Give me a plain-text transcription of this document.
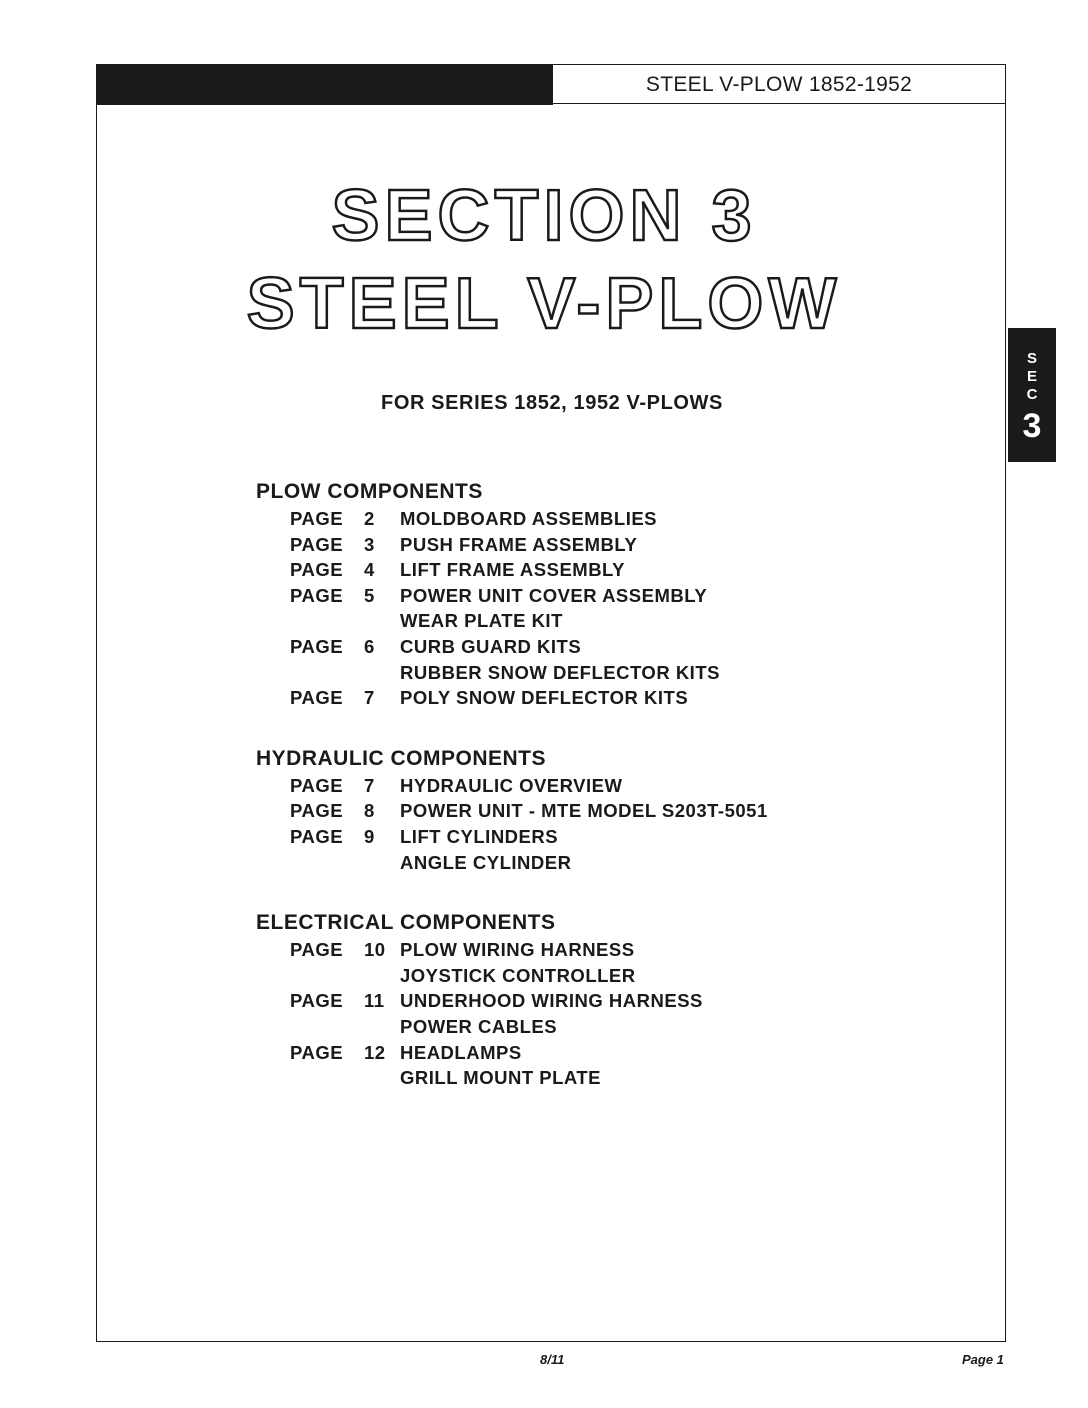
STEEL V-PLOW 1852-1952
SECTION 3
STEEL V-PLOW
FOR SERIES 1852, 1952 V-PLOWS
S
E
C
3
PLOW COMPONENTS
PAGE 2 MOLDBOARD ASSEMBLIES
PAGE 3 PUSH FRAME ASSEMBLY
PAGE 4 LIFT FRAME ASSEMBLY
PAGE 5 POWER UNIT COVER ASSEMBLY
WEAR PLATE KIT
PAGE 6 CURB GUARD KITS
RUBBER SNOW DEFLECTOR KITS
PAGE 7 POLY SNOW DEFLECTOR KITS
HYDRAULIC COMPONENTS
PAGE 7 HYDRAULIC OVERVIEW
PAGE 8 POWER UNIT - MTE MODEL S203T-5051
PAGE 9 LIFT CYLINDERS
ANGLE CYLINDER
ELECTRICAL COMPONENTS
PAGE 10 PLOW WIRING HARNESS
JOYSTICK CONTROLLER
PAGE 11 UNDERHOOD WIRING HARNESS
POWER CABLES
PAGE 12 HEADLAMPS
GRILL MOUNT PLATE
8/11	Page 1
